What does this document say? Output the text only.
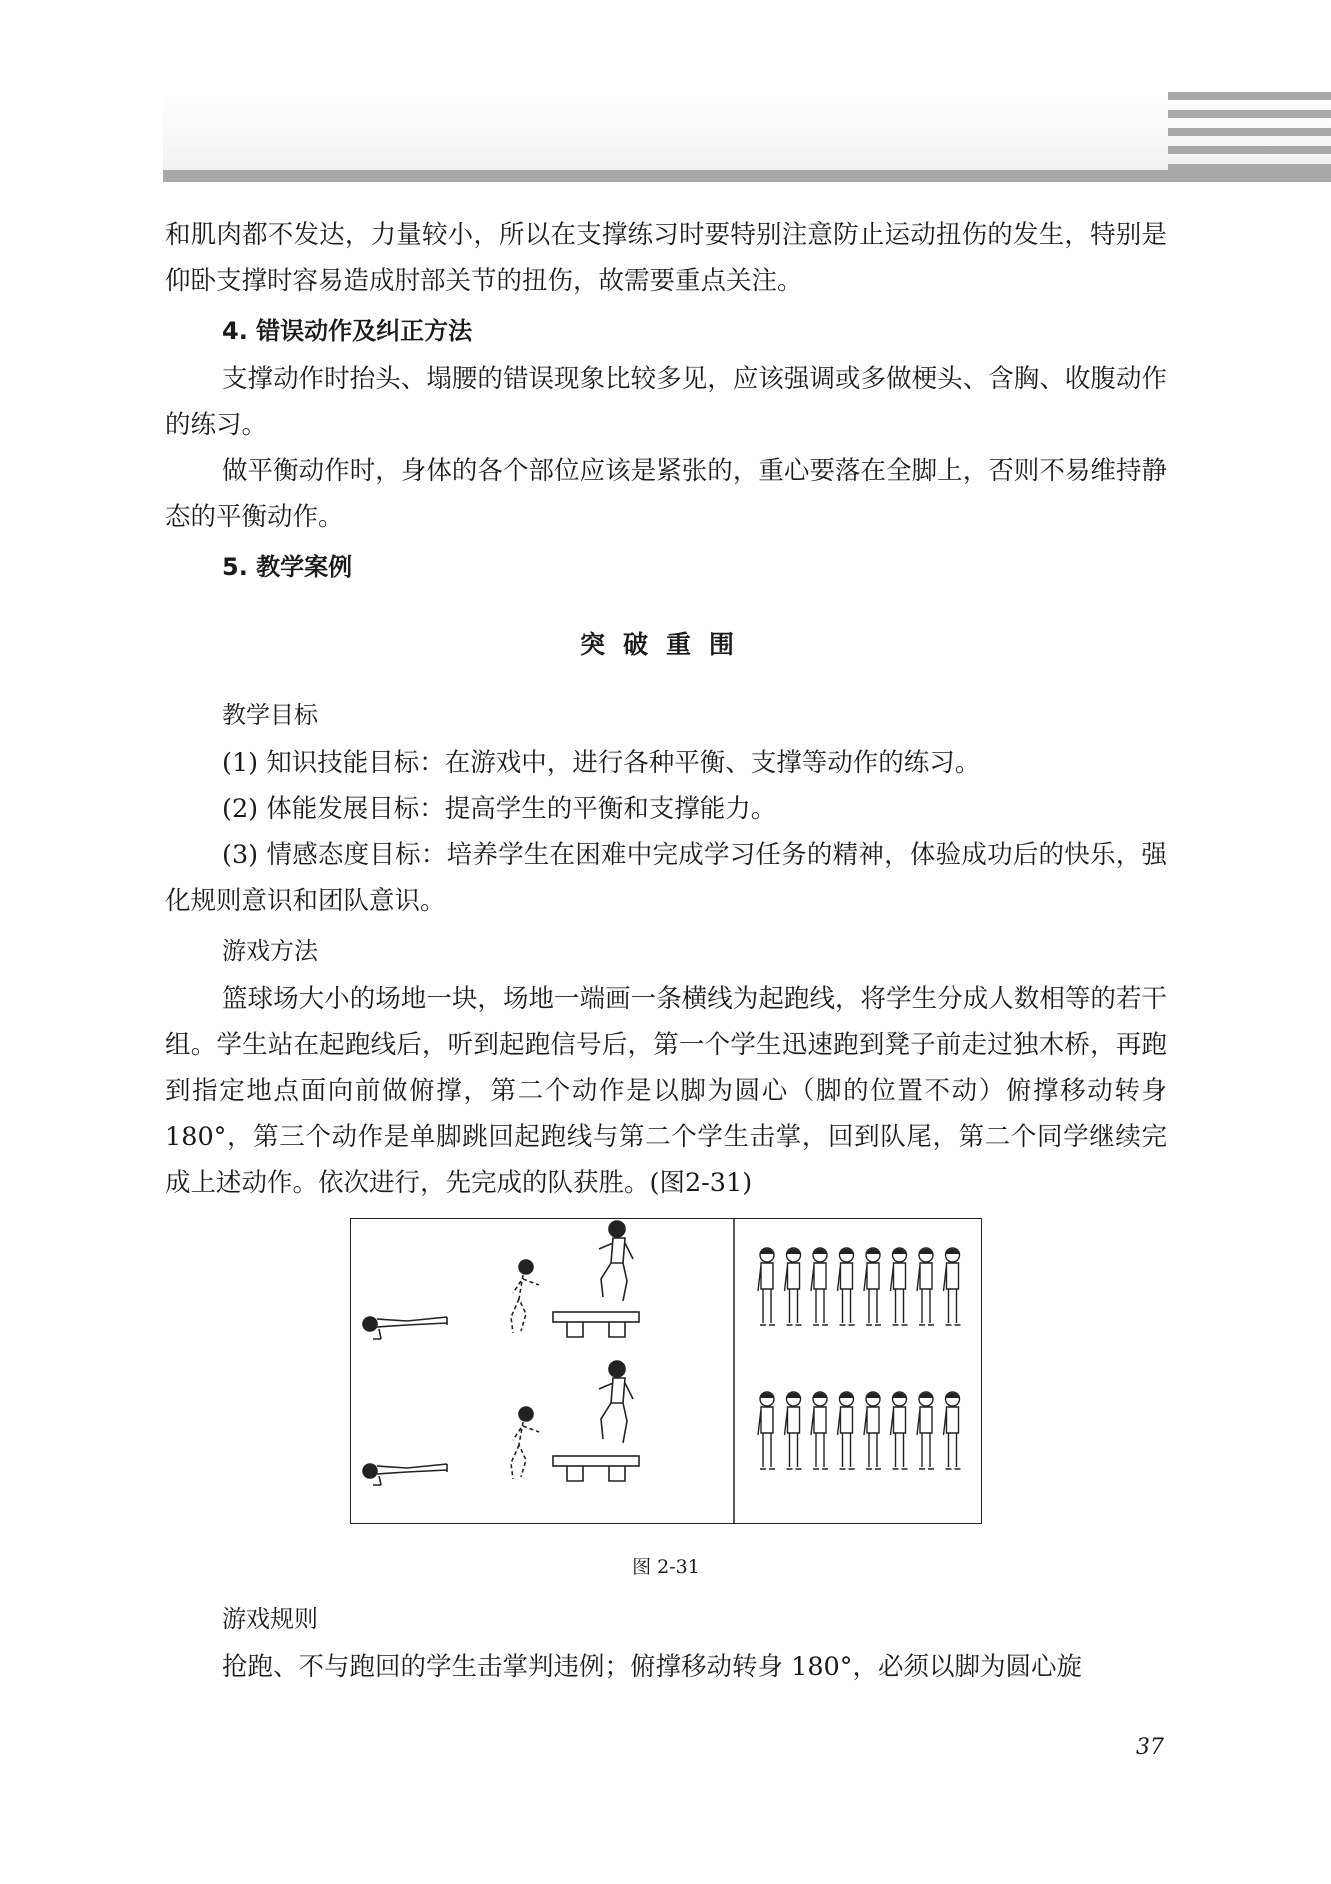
和肌肉都不发达，力量较小，所以在支撑练习时要特别注意防止运动扭伤的发生，特别是仰卧支撑时容易造成肘部关节的扭伤，故需要重点关注。

4. 错误动作及纠正方法

支撑动作时抬头、塌腰的错误现象比较多见，应该强调或多做梗头、含胸、收腹动作的练习。

做平衡动作时，身体的各个部位应该是紧张的，重心要落在全脚上，否则不易维持静态的平衡动作。

5. 教学案例
突破重围
教学目标

(1) 知识技能目标：在游戏中，进行各种平衡、支撑等动作的练习。

(2) 体能发展目标：提高学生的平衡和支撑能力。

(3) 情感态度目标：培养学生在困难中完成学习任务的精神，体验成功后的快乐，强化规则意识和团队意识。

游戏方法

篮球场大小的场地一块，场地一端画一条横线为起跑线，将学生分成人数相等的若干组。学生站在起跑线后，听到起跑信号后，第一个学生迅速跑到凳子前走过独木桥，再跑到指定地点面向前做俯撑，第二个动作是以脚为圆心（脚的位置不动）俯撑移动转身 180°，第三个动作是单脚跳回起跑线与第二个学生击掌，回到队尾，第二个同学继续完成上述动作。依次进行，先完成的队获胜。(图2-31)

图 2-31
游戏规则

抢跑、不与跑回的学生击掌判违例；俯撑移动转身 180°，必须以脚为圆心旋

37
